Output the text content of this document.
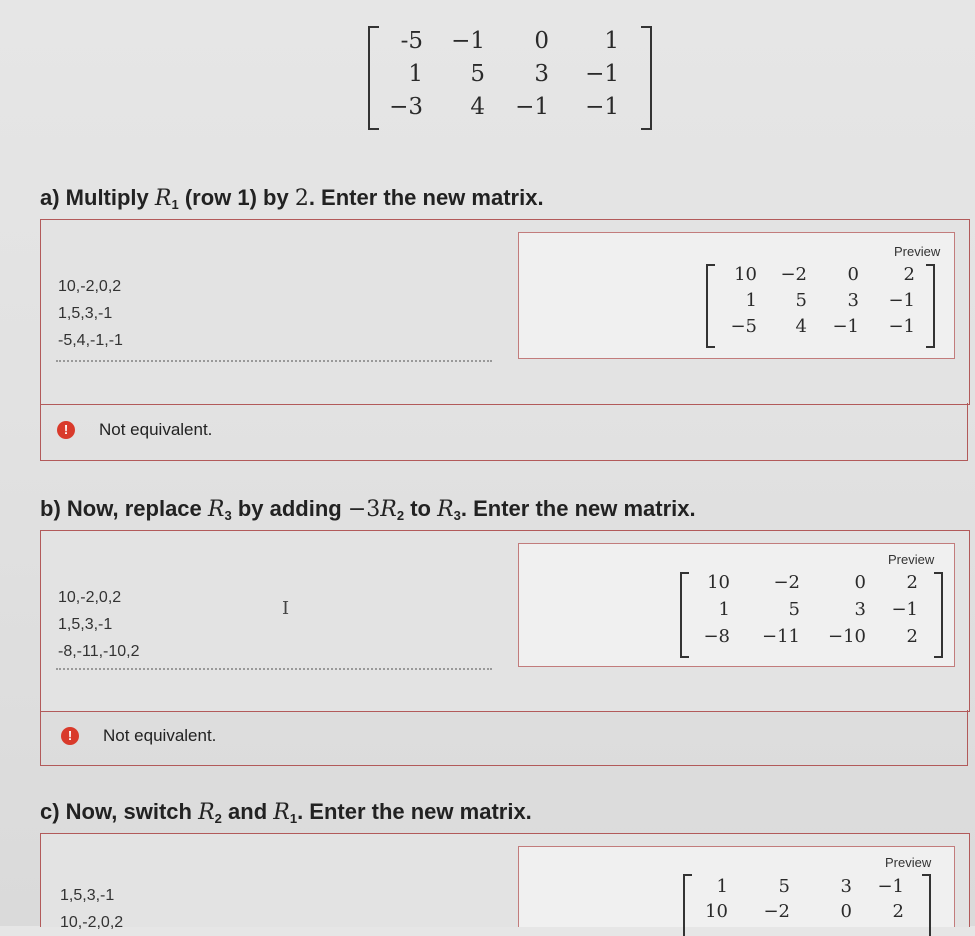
-5	−1	0	1
1	5	3	−1
−3	4	−1	−1
a) Multiply $R_1$ (row 1) by 2. Enter the new matrix.
10,-2,0,2
1,5,3,-1
-5,4,-1,-1
Preview
10	−2	0	2
1	5	3	−1
−5	4	−1	−1
!	Not equivalent.
b) Now, replace $R_3$ by adding $-3R_2$ to $R_3$. Enter the new matrix.
10,-2,0,2
1,5,3,-1
-8,-11,-10,2
I
Preview
10	−2	0	2
1	5	3	−1
−8	−11	−10	2
!	Not equivalent.
c) Now, switch $R_2$ and $R_1$. Enter the new matrix.
1,5,3,-1
10,-2,0,2
Preview
1	5	3	−1
10	−2	0	2
